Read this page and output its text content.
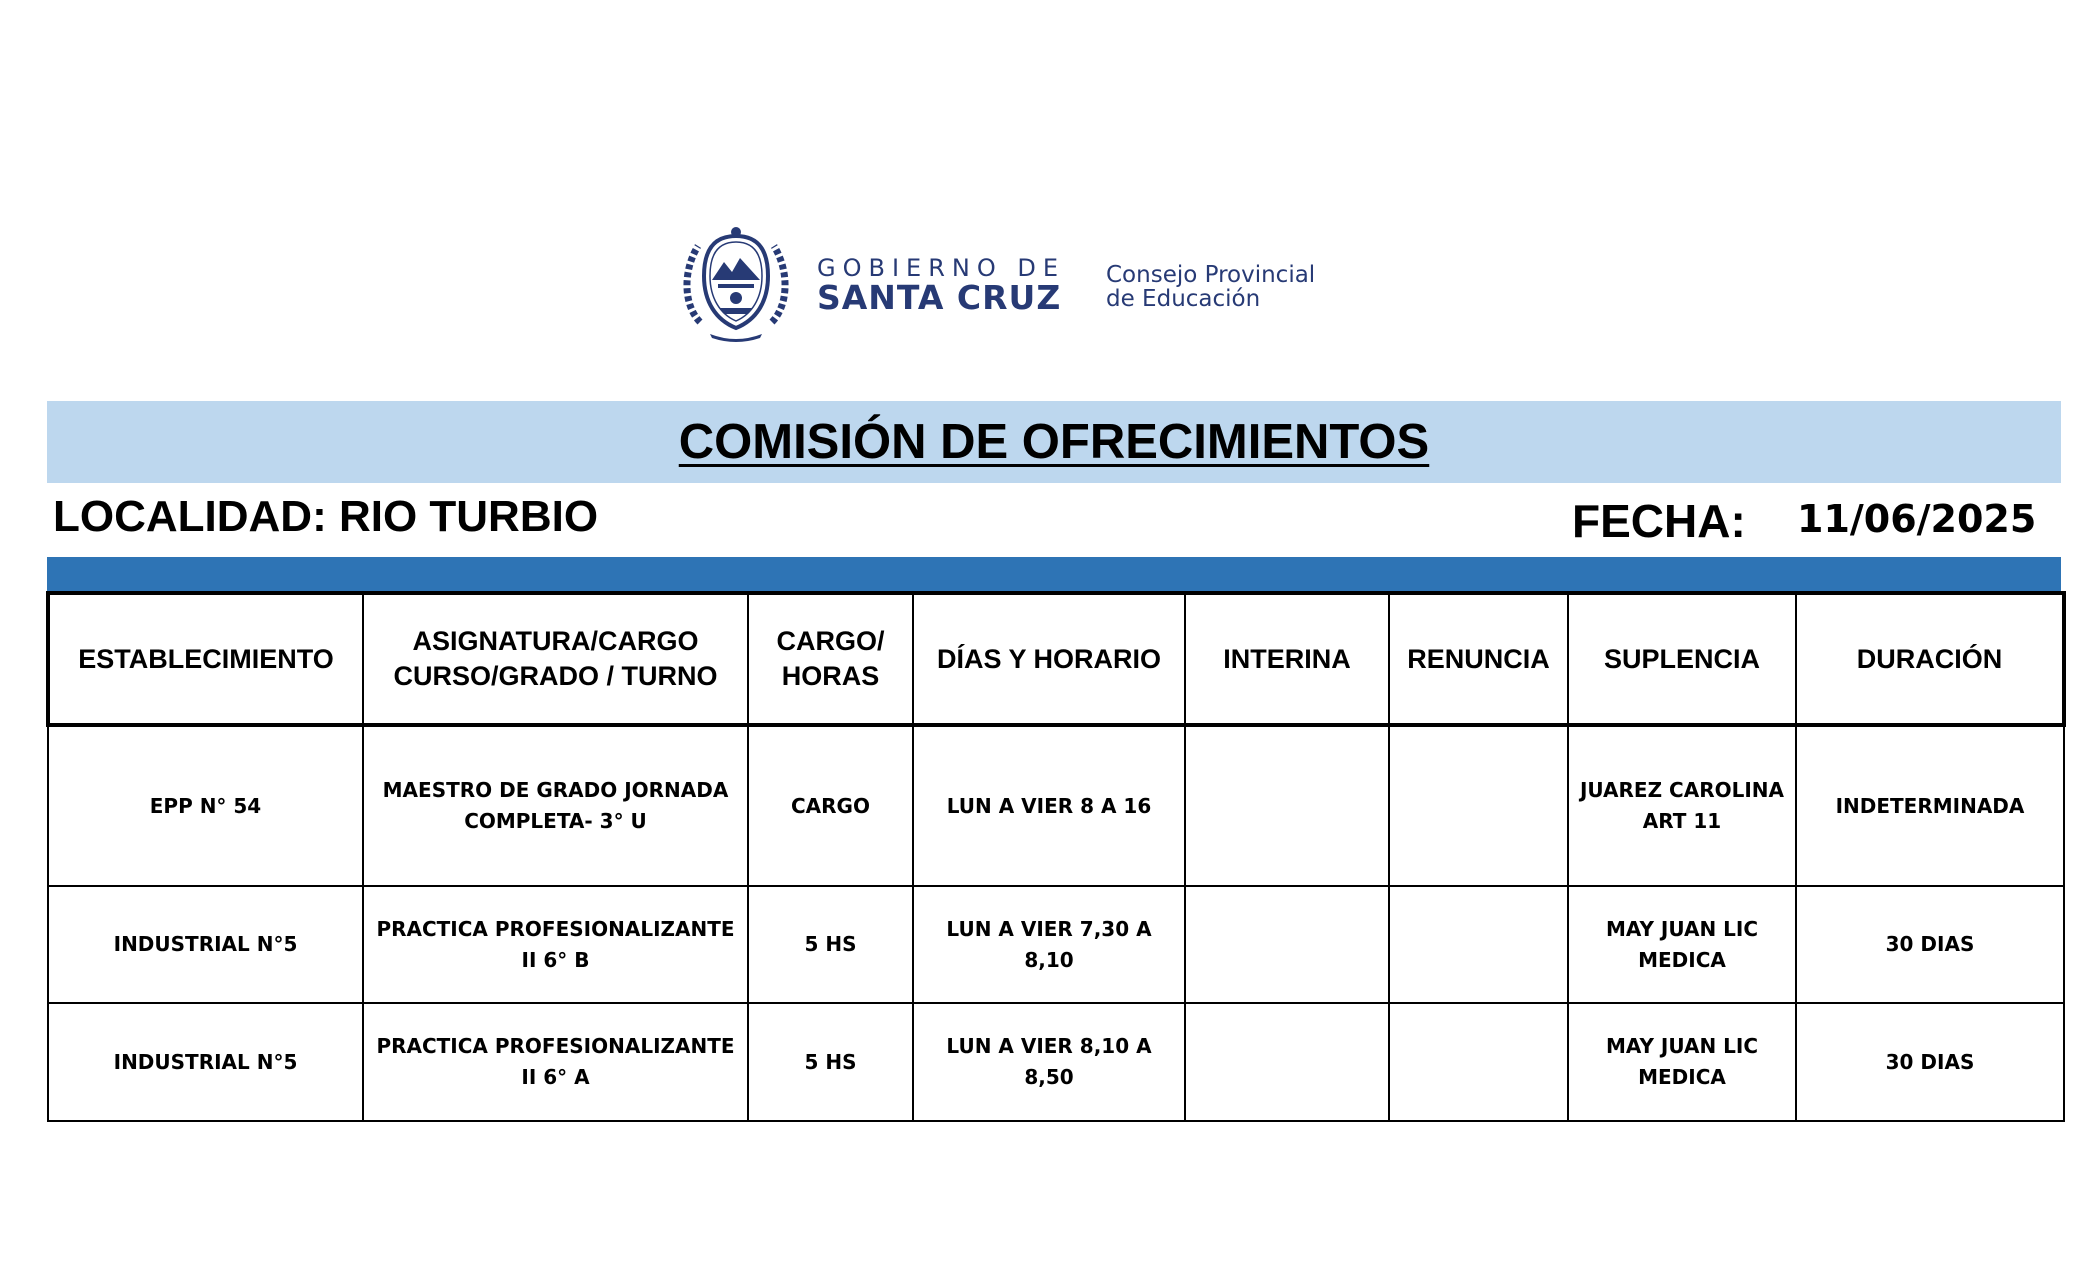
GOBIERNO DE
SANTA CRUZ
Consejo Provincial
de Educación
COMISIÓN DE OFRECIMIENTOS
LOCALIDAD: RIO TURBIO	FECHA: 11/06/2025
ESTABLECIMIENTO	ASIGNATURA/CARGO CURSO/GRADO / TURNO	CARGO/ HORAS	DÍAS Y HORARIO	INTERINA	RENUNCIA	SUPLENCIA	DURACIÓN
EPP N° 54	MAESTRO DE GRADO JORNADA COMPLETA- 3° U	CARGO	LUN A VIER 8 A 16			JUAREZ CAROLINA ART 11	INDETERMINADA
INDUSTRIAL N°5	PRACTICA PROFESIONALIZANTE II 6° B	5 HS	LUN A VIER 7,30 A 8,10			MAY JUAN LIC MEDICA	30 DIAS
INDUSTRIAL N°5	PRACTICA PROFESIONALIZANTE II 6° A	5 HS	LUN A VIER 8,10 A 8,50			MAY JUAN LIC MEDICA	30 DIAS
